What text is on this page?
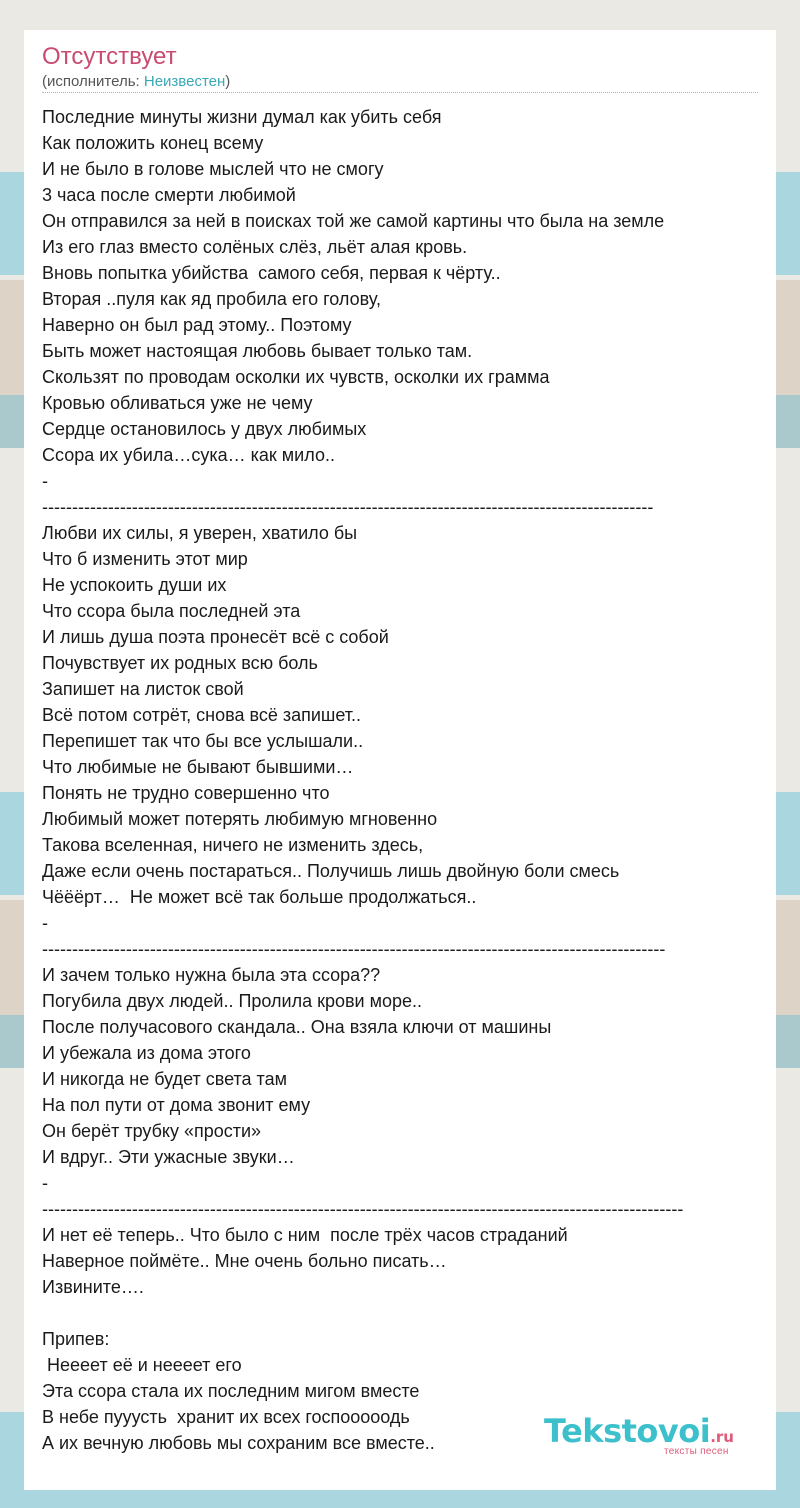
Отсутствует
(исполнитель: Неизвестен)
Последние минуты жизни думал как убить себя
Как положить конец всему
И не было в голове мыслей что не смогу
3 часа после смерти любимой
Он отправился за ней в поисках той же самой картины что была на земле
Из его глаз вместо солёных слёз, льёт алая кровь.
Вновь попытка убийства  самого себя, первая к чёрту..
Вторая ..пуля как яд пробила его голову,
Наверно он был рад этому.. Поэтому
Быть может настоящая любовь бывает только там.
Скользят по проводам осколки их чувств, осколки их грамма
Кровью обливаться уже не чему
Сердце остановилось у двух любимых
Ссора их убила…сука… как мило..
-
------------------------------------------------------------------------------------------------------
Любви их силы, я уверен, хватило бы
Что б изменить этот мир
Не успокоить души их
Что ссора была последней эта
И лишь душа поэта пронесёт всё с собой
Почувствует их родных всю боль
Запишет на листок свой
Всё потом сотрёт, снова всё запишет..
Перепишет так что бы все услышали..
Что любимые не бывают бывшими…
Понять не трудно совершенно что
Любимый может потерять любимую мгновенно
Такова вселенная, ничего не изменить здесь,
Даже если очень постараться.. Получишь лишь двойную боли смесь
Чёёёрт…  Не может всё так больше продолжаться..
-
--------------------------------------------------------------------------------------------------------
И зачем только нужна была эта ссора??
Погубила двух людей.. Пролила крови море..
После получасового скандала.. Она взяла ключи от машины
И убежала из дома этого
И никогда не будет света там
На пол пути от дома звонит ему
Он берёт трубку «прости»
И вдруг.. Эти ужасные звуки…
-
-----------------------------------------------------------------------------------------------------------
И нет её теперь.. Что было с ним  после трёх часов страданий
Наверное поймёте.. Мне очень больно писать…
Извините….
Припев:
Неееет её и неееет его
Эта ссора стала их последним мигом вместе
В небе пууусть  хранит их всех госпооооодь
А их вечную любовь мы сохраним все вместе..	Tekstovoi.ru
тексты песен
